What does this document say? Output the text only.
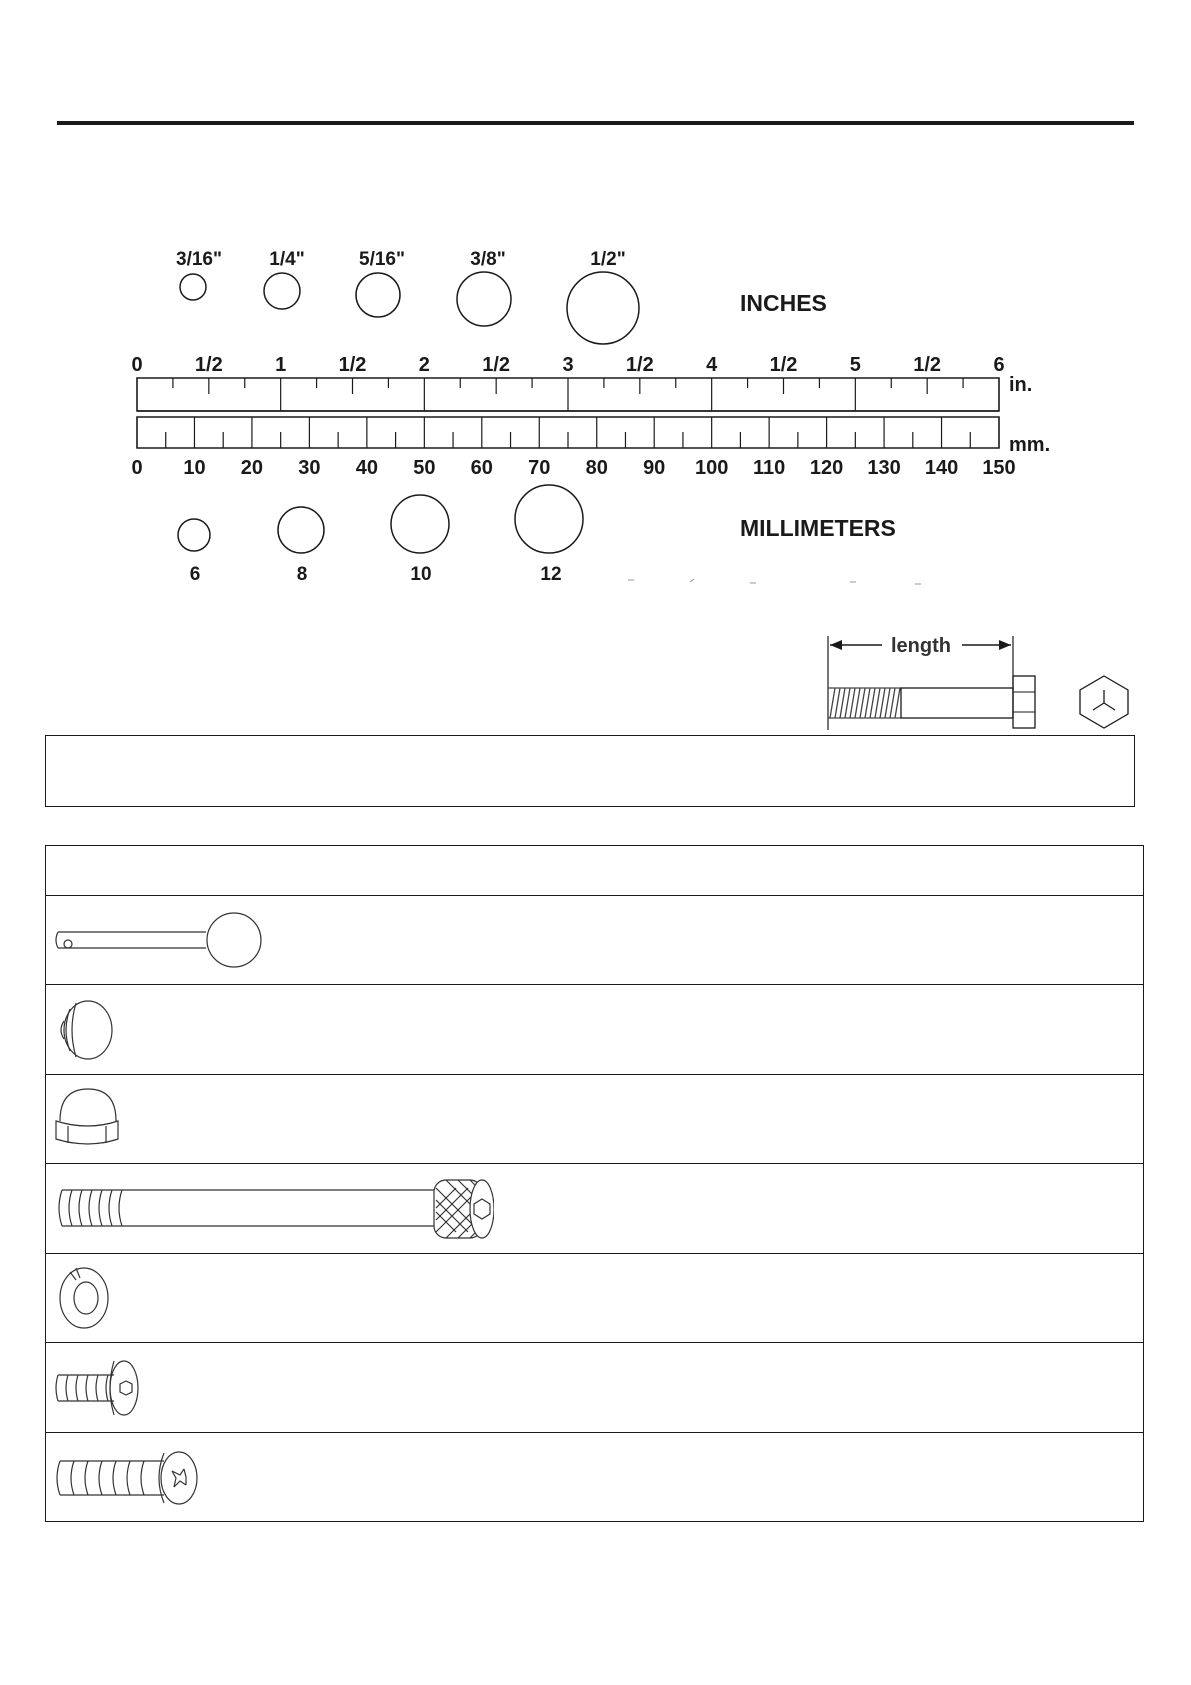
3/16" 1/4"	5/16"	3/8"	1/2"
INCHES
0	1/2	1	1/2	2	1/2	3	1/2	4	1/2	5	1/2	6
0 10 20 30 40 50 60 70 80 90 100 110 120 130 140 150
in.
mm.
6	8	10	12
MILLIMETERS
length
